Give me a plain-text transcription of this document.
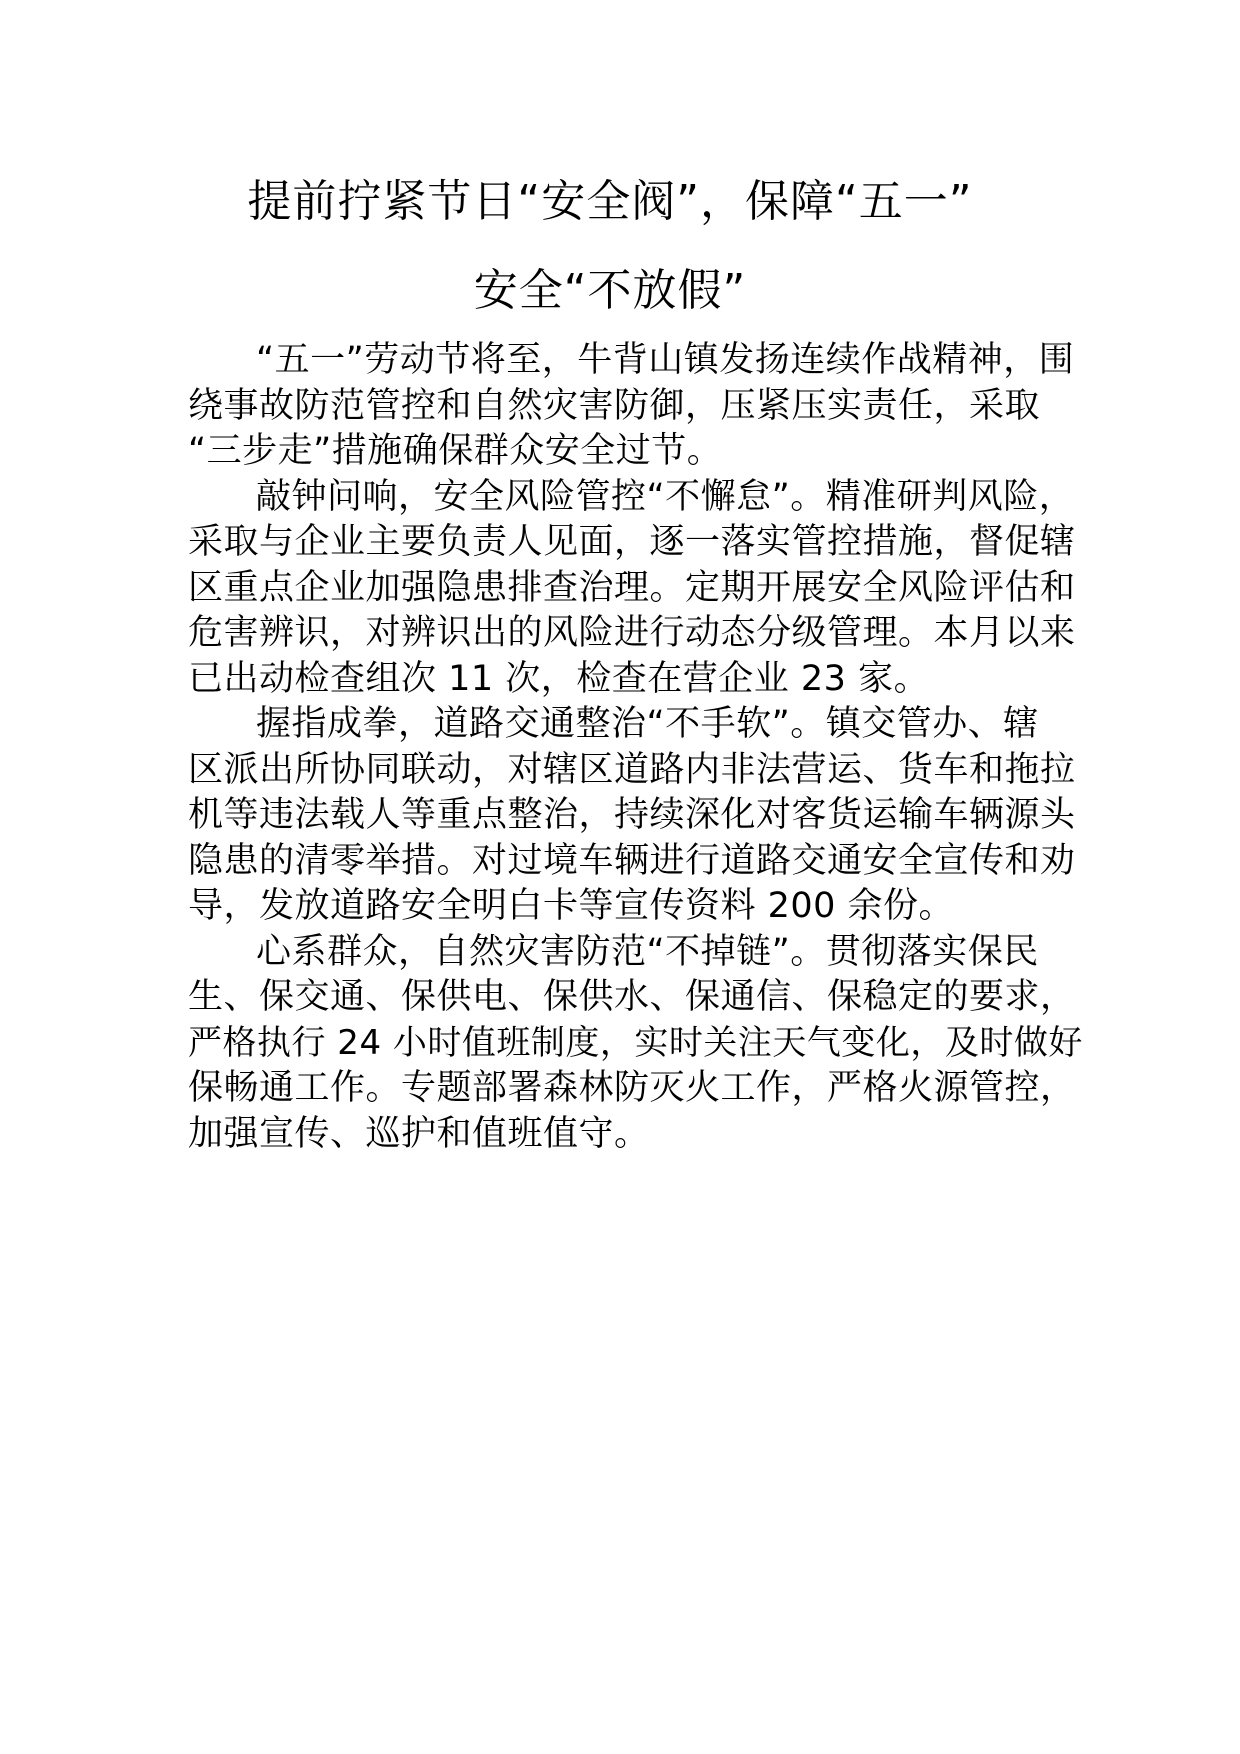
提前拧紧节日“安全阀”，保障“五一”
安全“不放假”
“五一”劳动节将至，牛背山镇发扬连续作战精神，围
绕事故防范管控和自然灾害防御，压紧压实责任，采取
“三步走”措施确保群众安全过节。
敲钟问响，安全风险管控“不懈怠”。精准研判风险，
采取与企业主要负责人见面，逐一落实管控措施，督促辖
区重点企业加强隐患排查治理。定期开展安全风险评估和
危害辨识，对辨识出的风险进行动态分级管理。本月以来
已出动检查组次 11 次，检查在营企业 23 家。
握指成拳，道路交通整治“不手软”。镇交管办、辖
区派出所协同联动，对辖区道路内非法营运、货车和拖拉
机等违法载人等重点整治，持续深化对客货运输车辆源头
隐患的清零举措。对过境车辆进行道路交通安全宣传和劝
导，发放道路安全明白卡等宣传资料 200 余份。
心系群众，自然灾害防范“不掉链”。贯彻落实保民
生、保交通、保供电、保供水、保通信、保稳定的要求，
严格执行 24 小时值班制度，实时关注天气变化，及时做好
保畅通工作。专题部署森林防灭火工作，严格火源管控，
加强宣传、巡护和值班值守。
